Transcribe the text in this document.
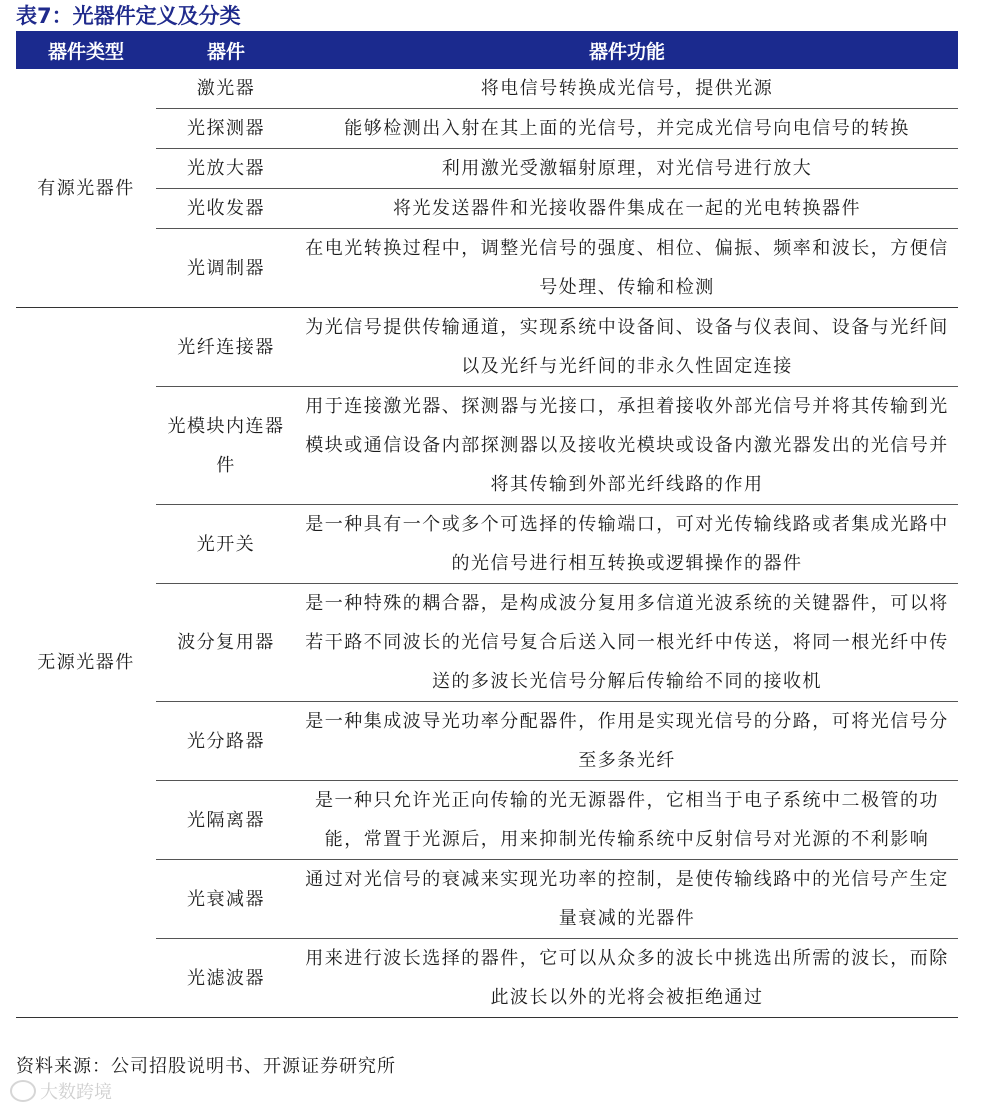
表7：光器件定义及分类
器件类型	器件	器件功能
有源光器件	激光器	将电信号转换成光信号，提供光源
	光探测器	能够检测出入射在其上面的光信号，并完成光信号向电信号的转换
	光放大器	利用激光受激辐射原理，对光信号进行放大
	光收发器	将光发送器件和光接收器件集成在一起的光电转换器件
	光调制器	在电光转换过程中，调整光信号的强度、相位、偏振、频率和波长，方便信号处理、传输和检测
无源光器件	光纤连接器	为光信号提供传输通道，实现系统中设备间、设备与仪表间、设备与光纤间以及光纤与光纤间的非永久性固定连接
	光模块内连器件	用于连接激光器、探测器与光接口，承担着接收外部光信号并将其传输到光模块或通信设备内部探测器以及接收光模块或设备内激光器发出的光信号并将其传输到外部光纤线路的作用
	光开关	是一种具有一个或多个可选择的传输端口，可对光传输线路或者集成光路中的光信号进行相互转换或逻辑操作的器件
	波分复用器	是一种特殊的耦合器，是构成波分复用多信道光波系统的关键器件，可以将若干路不同波长的光信号复合后送入同一根光纤中传送，将同一根光纤中传送的多波长光信号分解后传输给不同的接收机
	光分路器	是一种集成波导光功率分配器件，作用是实现光信号的分路，可将光信号分至多条光纤
	光隔离器	是一种只允许光正向传输的光无源器件，它相当于电子系统中二极管的功能，常置于光源后，用来抑制光传输系统中反射信号对光源的不利影响
	光衰减器	通过对光信号的衰减来实现光功率的控制，是使传输线路中的光信号产生定量衰减的光器件
	光滤波器	用来进行波长选择的器件，它可以从众多的波长中挑选出所需的波长，而除此波长以外的光将会被拒绝通过
资料来源：公司招股说明书、开源证券研究所
大数跨境
